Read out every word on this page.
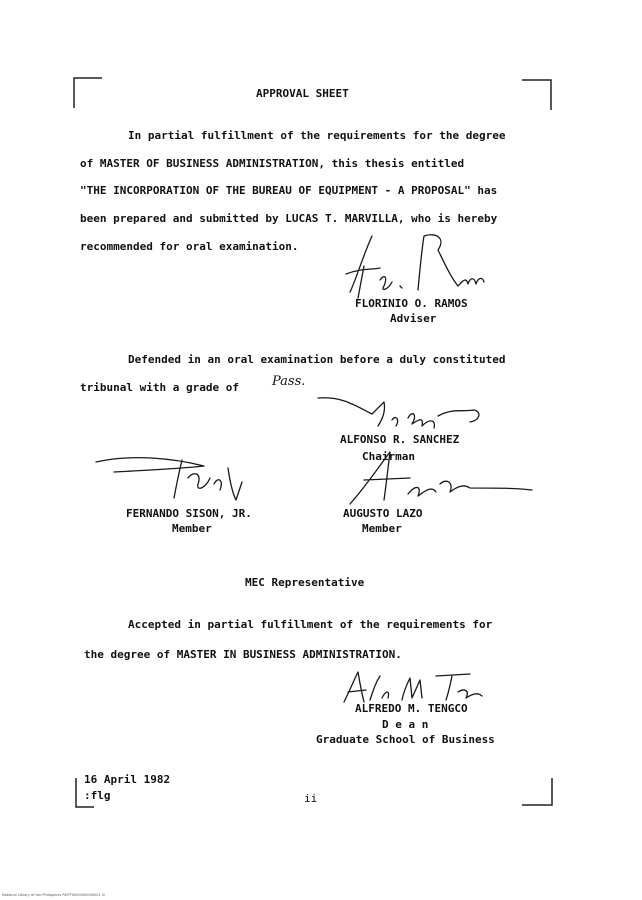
APPROVAL SHEET
In partial fulfillment of the requirements for the degree
of MASTER OF BUSINESS ADMINISTRATION, this thesis entitled
"THE INCORPORATION OF THE BUREAU OF EQUIPMENT - A PROPOSAL" has
been prepared and submitted by LUCAS T. MARVILLA, who is hereby
recommended for oral examination.
FLORINIO O. RAMOS
Adviser
Defended in an oral examination before a duly constituted
tribunal with a grade of	Pass.
ALFONSO R. SANCHEZ
Chairman
FERNANDO SISON, JR.
Member
AUGUSTO LAZO
Member
MEC Representative
Accepted in partial fulfillment of the requirements for
the degree of MASTER IN BUSINESS ADMINISTRATION.
ALFREDO M. TENGCO
D e a n
Graduate School of Business
16 April 1982
:flg	ii
National Library of the Philippines RGPT0000000000001 iii
